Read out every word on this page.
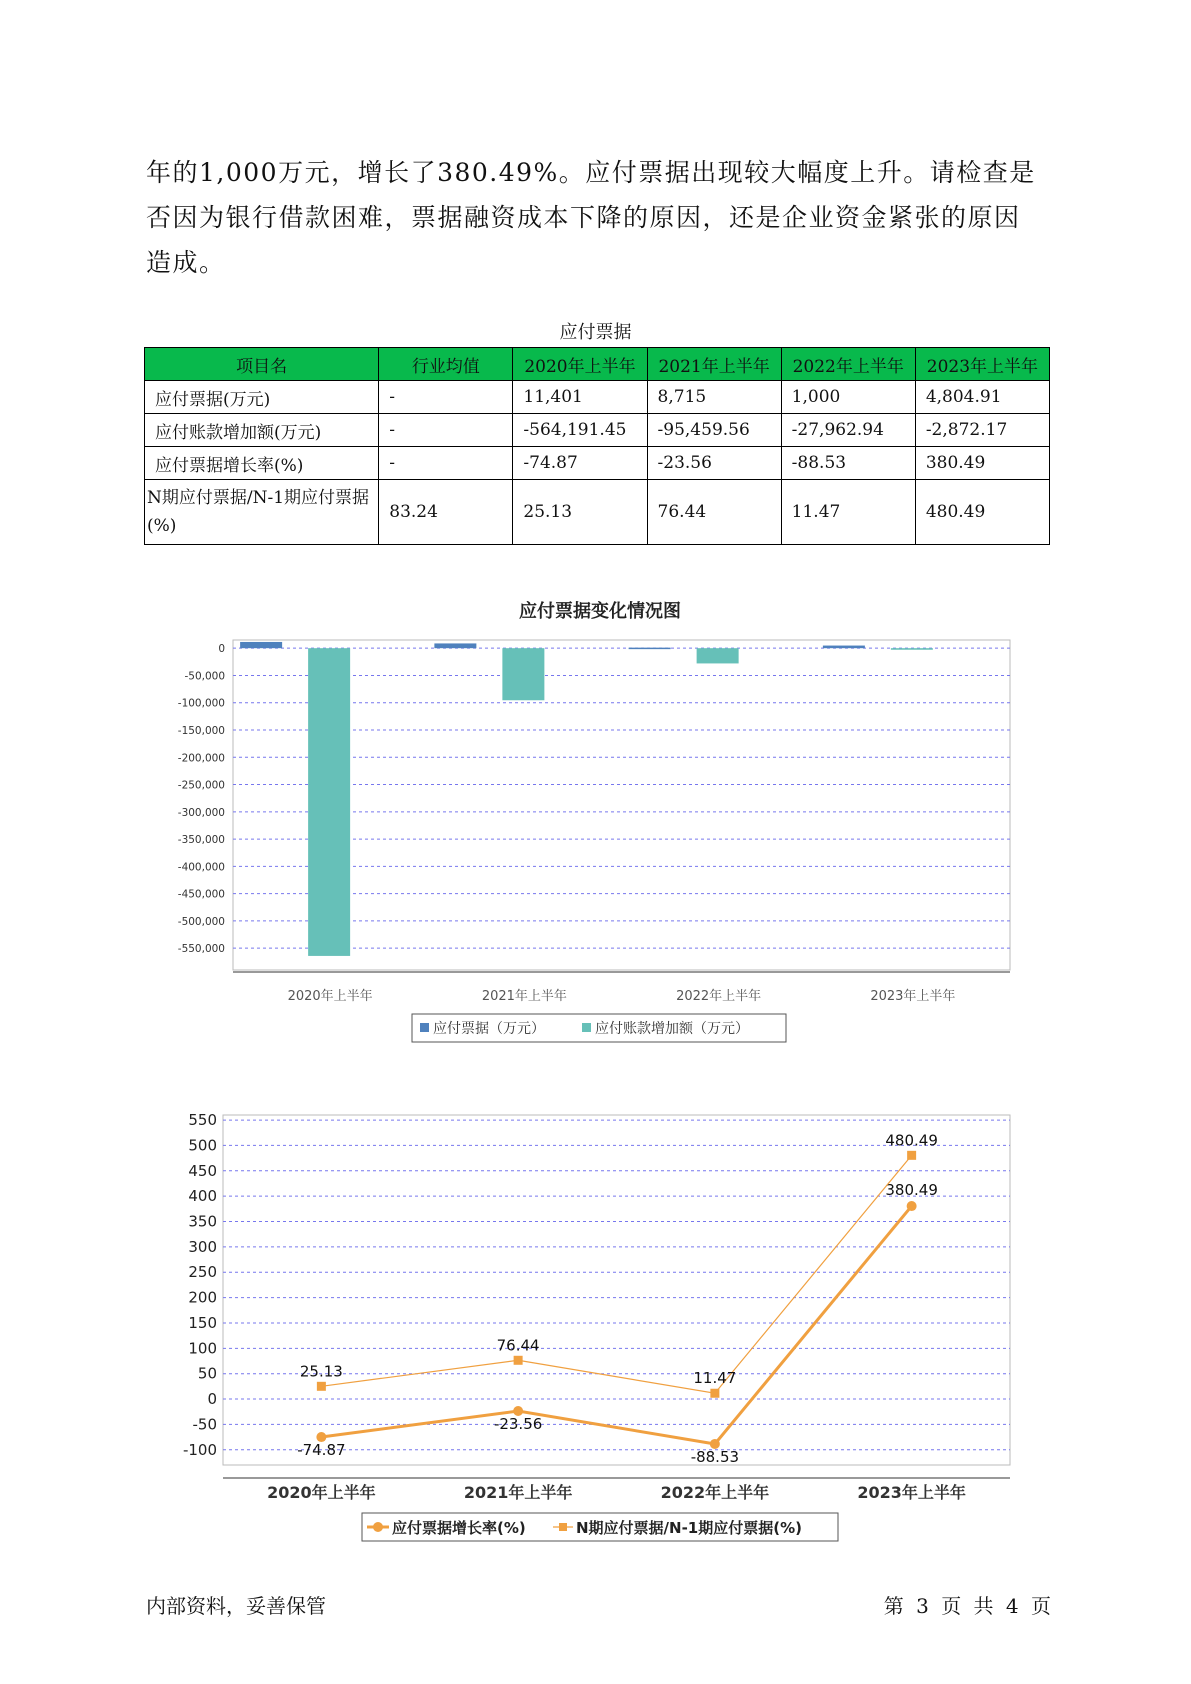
年的1,000万元，增长了380.49%。应付票据出现较大幅度上升。请检查是否因为银行借款困难，票据融资成本下降的原因，还是企业资金紧张的原因造成。

应付票据
项目名	行业均值	2020年上半年	2021年上半年	2022年上半年	2023年上半年
应付票据(万元)	-	11,401	8,715	1,000	4,804.91
应付账款增加额(万元)	-	-564,191.45	-95,459.56	-27,962.94	-2,872.17
应付票据增长率(%)	-	-74.87	-23.56	-88.53	380.49
N期应付票据/N-1期应付票据(%)	83.24	25.13	76.44	11.47	480.49
应付票据变化情况图
0
-50,000
-100,000
-150,000
-200,000
-250,000
-300,000
-350,000
-400,000
-450,000
-500,000
-550,000
2020年上半年	2021年上半年	2022年上半年	2023年上半年
应付票据（万元）	应付账款增加额（万元）
550
500
450
400
350
300
250
200
150
100
50
0
-50
-100
2020年上半年	2021年上半年	2022年上半年	2023年上半年
-74.87
-23.56
-88.53
380.49
25.13
76.44
11.47
480.49
应付票据增长率(%)	N期应付票据/N-1期应付票据(%)
内部资料，妥善保管	第 3 页 共 4 页
